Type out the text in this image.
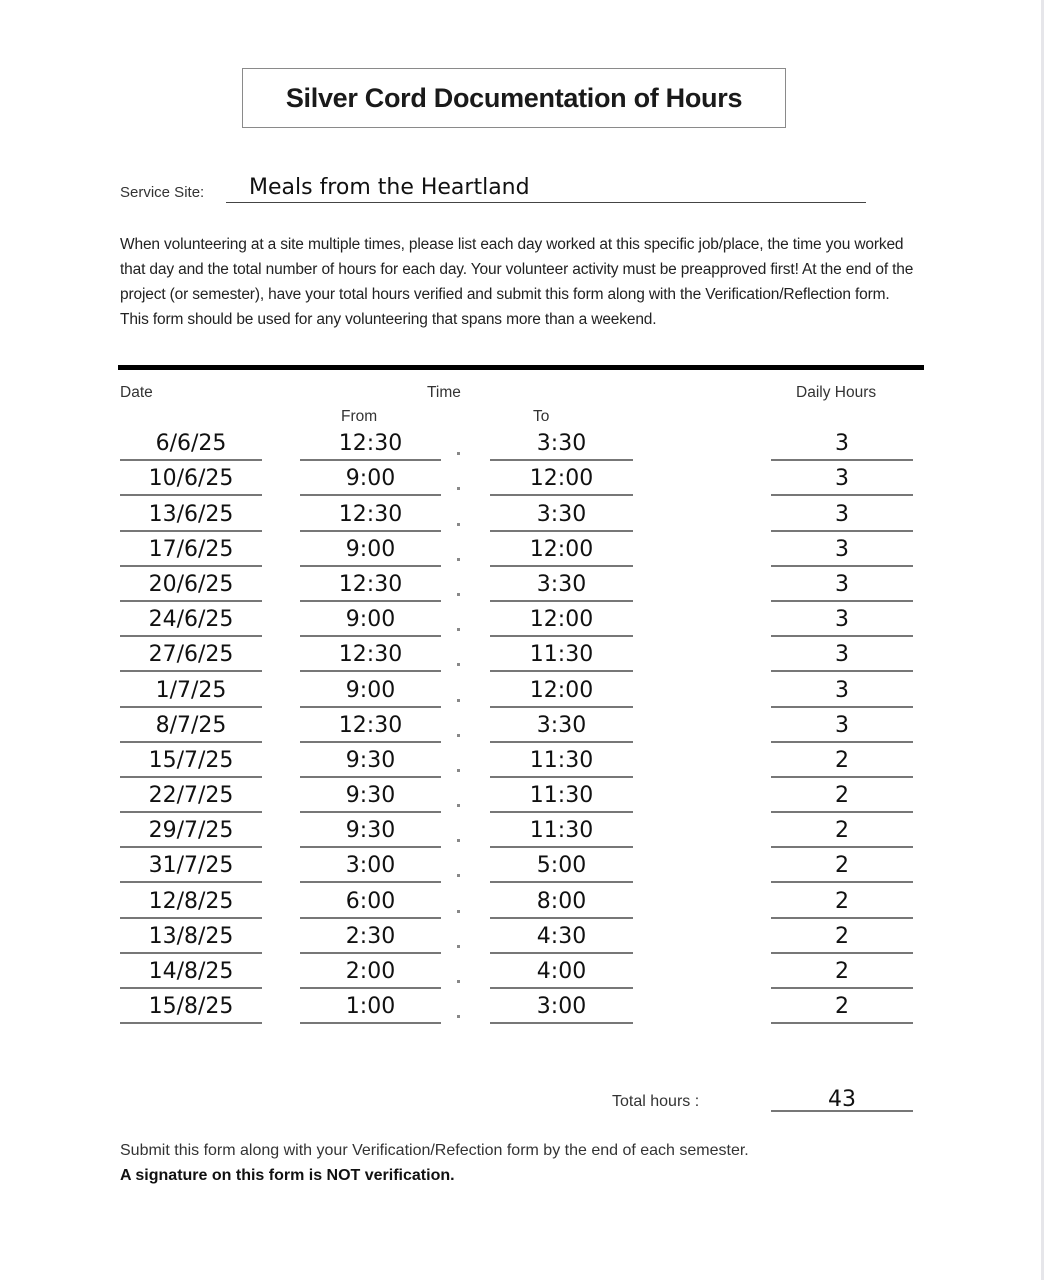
Silver Cord Documentation of Hours
Service Site: Meals from the Heartland
When volunteering at a site multiple times, please list each day worked at this specific job/place, the time you worked that day and the total number of hours for each day. Your volunteer activity must be preapproved first! At the end of the project (or semester), have your total hours verified and submit this form along with the Verification/Reflection form. This form should be used for any volunteering that spans more than a weekend.
Date	Time	Daily Hours
From	To
6/6/25	12:30	3:30	3
10/6/25	9:00	12:00	3
13/6/25	12:30	3:30	3
17/6/25	9:00	12:00	3
20/6/25	12:30	3:30	3
24/6/25	9:00	12:00	3
27/6/25	12:30	11:30	3
1/7/25	9:00	12:00	3
8/7/25	12:30	3:30	3
15/7/25	9:30	11:30	2
22/7/25	9:30	11:30	2
29/7/25	9:30	11:30	2
31/7/25	3:00	5:00	2
12/8/25	6:00	8:00	2
13/8/25	2:30	4:30	2
14/8/25	2:00	4:00	2
15/8/25	1:00	3:00	2
Total hours :	43
Submit this form along with your Verification/Refection form by the end of each semester.
A signature on this form is NOT verification.
